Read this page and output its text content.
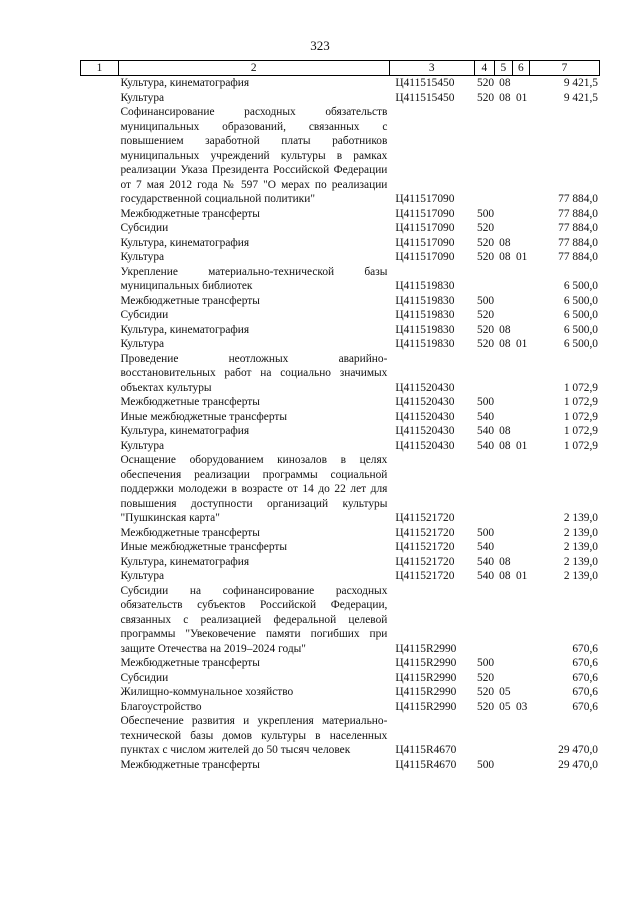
323
1	2	3	4	5	6	7
Культура, кинематография	Ц411515450	520 08	9 421,5
Культура	Ц411515450	520 08 01	9 421,5
Софинансирование расходных обязательств муниципальных образований, связанных с повышением заработной платы работников муниципальных учреждений культуры в рамках реализации Указа Президента Российской Федерации от 7 мая 2012 года № 597 "О мерах по реализации государственной социальной политики"	Ц411517090	77 884,0
Межбюджетные трансферты	Ц411517090	500	77 884,0
Субсидии	Ц411517090	520	77 884,0
Культура, кинематография	Ц411517090	520 08	77 884,0
Культура	Ц411517090	520 08 01	77 884,0
Укрепление материально-технической базы муниципальных библиотек	Ц411519830	6 500,0
Межбюджетные трансферты	Ц411519830	500	6 500,0
Субсидии	Ц411519830	520	6 500,0
Культура, кинематография	Ц411519830	520 08	6 500,0
Культура	Ц411519830	520 08 01	6 500,0
Проведение неотложных аварийно-восстановительных работ на социально значимых объектах культуры	Ц411520430	1 072,9
Межбюджетные трансферты	Ц411520430	500	1 072,9
Иные межбюджетные трансферты	Ц411520430	540	1 072,9
Культура, кинематография	Ц411520430	540 08	1 072,9
Культура	Ц411520430	540 08 01	1 072,9
Оснащение оборудованием кинозалов в целях обеспечения реализации программы социальной поддержки молодежи в возрасте от 14 до 22 лет для повышения доступности организаций культуры "Пушкинская карта"	Ц411521720	2 139,0
Межбюджетные трансферты	Ц411521720	500	2 139,0
Иные межбюджетные трансферты	Ц411521720	540	2 139,0
Культура, кинематография	Ц411521720	540 08	2 139,0
Культура	Ц411521720	540 08 01	2 139,0
Субсидии на софинансирование расходных обязательств субъектов Российской Федерации, связанных с реализацией федеральной целевой программы "Увековечение памяти погибших при защите Отечества на 2019–2024 годы"	Ц4115R2990	670,6
Межбюджетные трансферты	Ц4115R2990	500	670,6
Субсидии	Ц4115R2990	520	670,6
Жилищно-коммунальное хозяйство	Ц4115R2990	520 05	670,6
Благоустройство	Ц4115R2990	520 05 03	670,6
Обеспечение развития и укрепления материально-технической базы домов культуры в населенных пунктах с числом жителей до 50 тысяч человек	Ц4115R4670	29 470,0
Межбюджетные трансферты	Ц4115R4670	500	29 470,0
